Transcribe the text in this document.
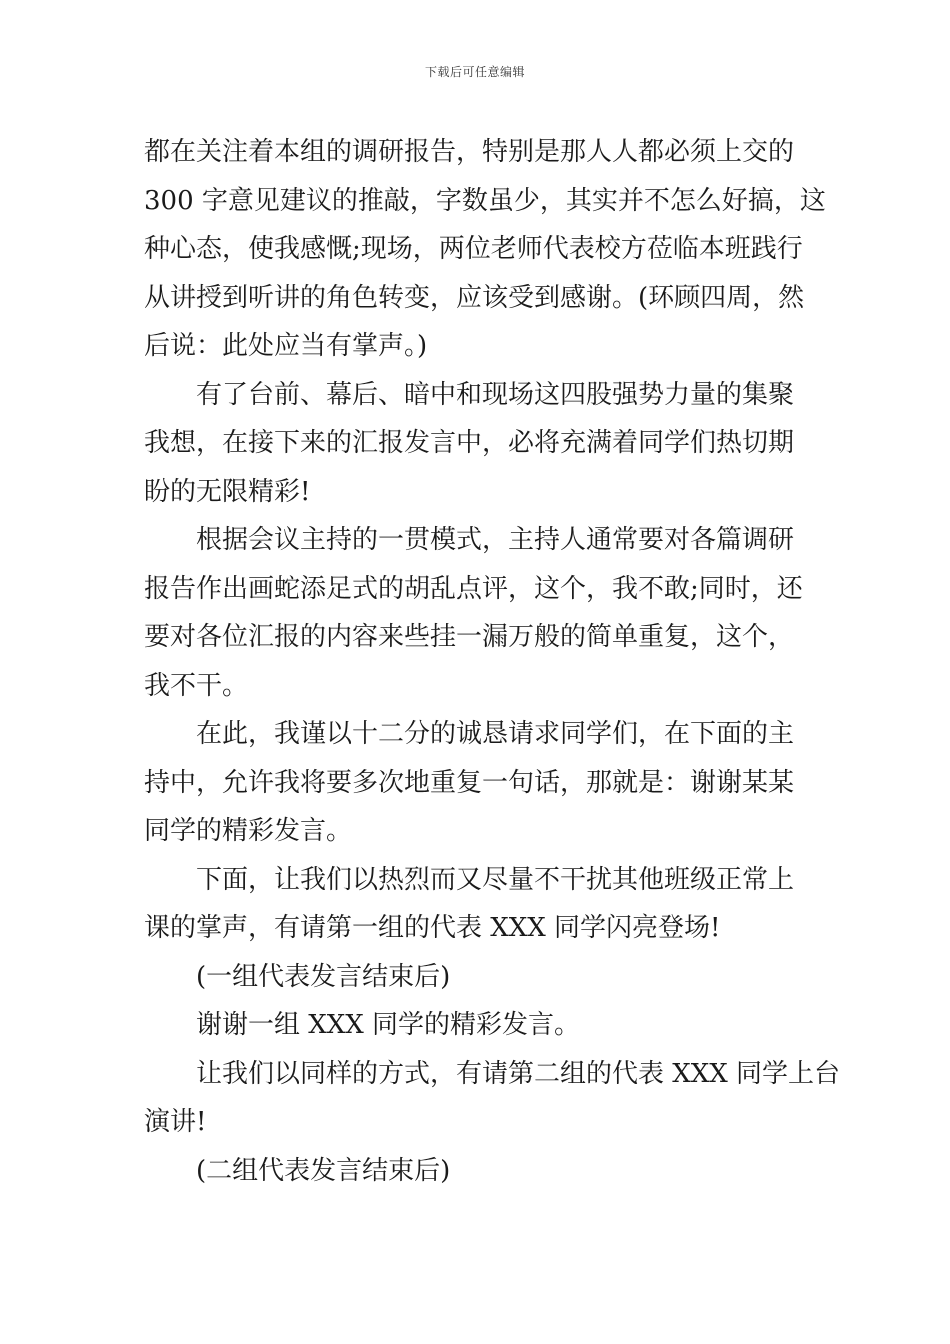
下载后可任意编辑
都在关注着本组的调研报告，特别是那人人都必须上交的
300 字意见建议的推敲，字数虽少，其实并不怎么好搞，这
种心态，使我感慨;现场，两位老师代表校方莅临本班践行
从讲授到听讲的角色转变，应该受到感谢。(环顾四周，然
后说：此处应当有掌声。)
有了台前、幕后、暗中和现场这四股强势力量的集聚
我想，在接下来的汇报发言中，必将充满着同学们热切期
盼的无限精彩!
根据会议主持的一贯模式，主持人通常要对各篇调研
报告作出画蛇添足式的胡乱点评，这个，我不敢;同时，还
要对各位汇报的内容来些挂一漏万般的简单重复，这个，
我不干。
在此，我谨以十二分的诚恳请求同学们，在下面的主
持中，允许我将要多次地重复一句话，那就是：谢谢某某
同学的精彩发言。
下面，让我们以热烈而又尽量不干扰其他班级正常上
课的掌声，有请第一组的代表 XXX 同学闪亮登场!
(一组代表发言结束后)
谢谢一组 XXX 同学的精彩发言。
让我们以同样的方式，有请第二组的代表 XXX 同学上台
演讲!
(二组代表发言结束后)
